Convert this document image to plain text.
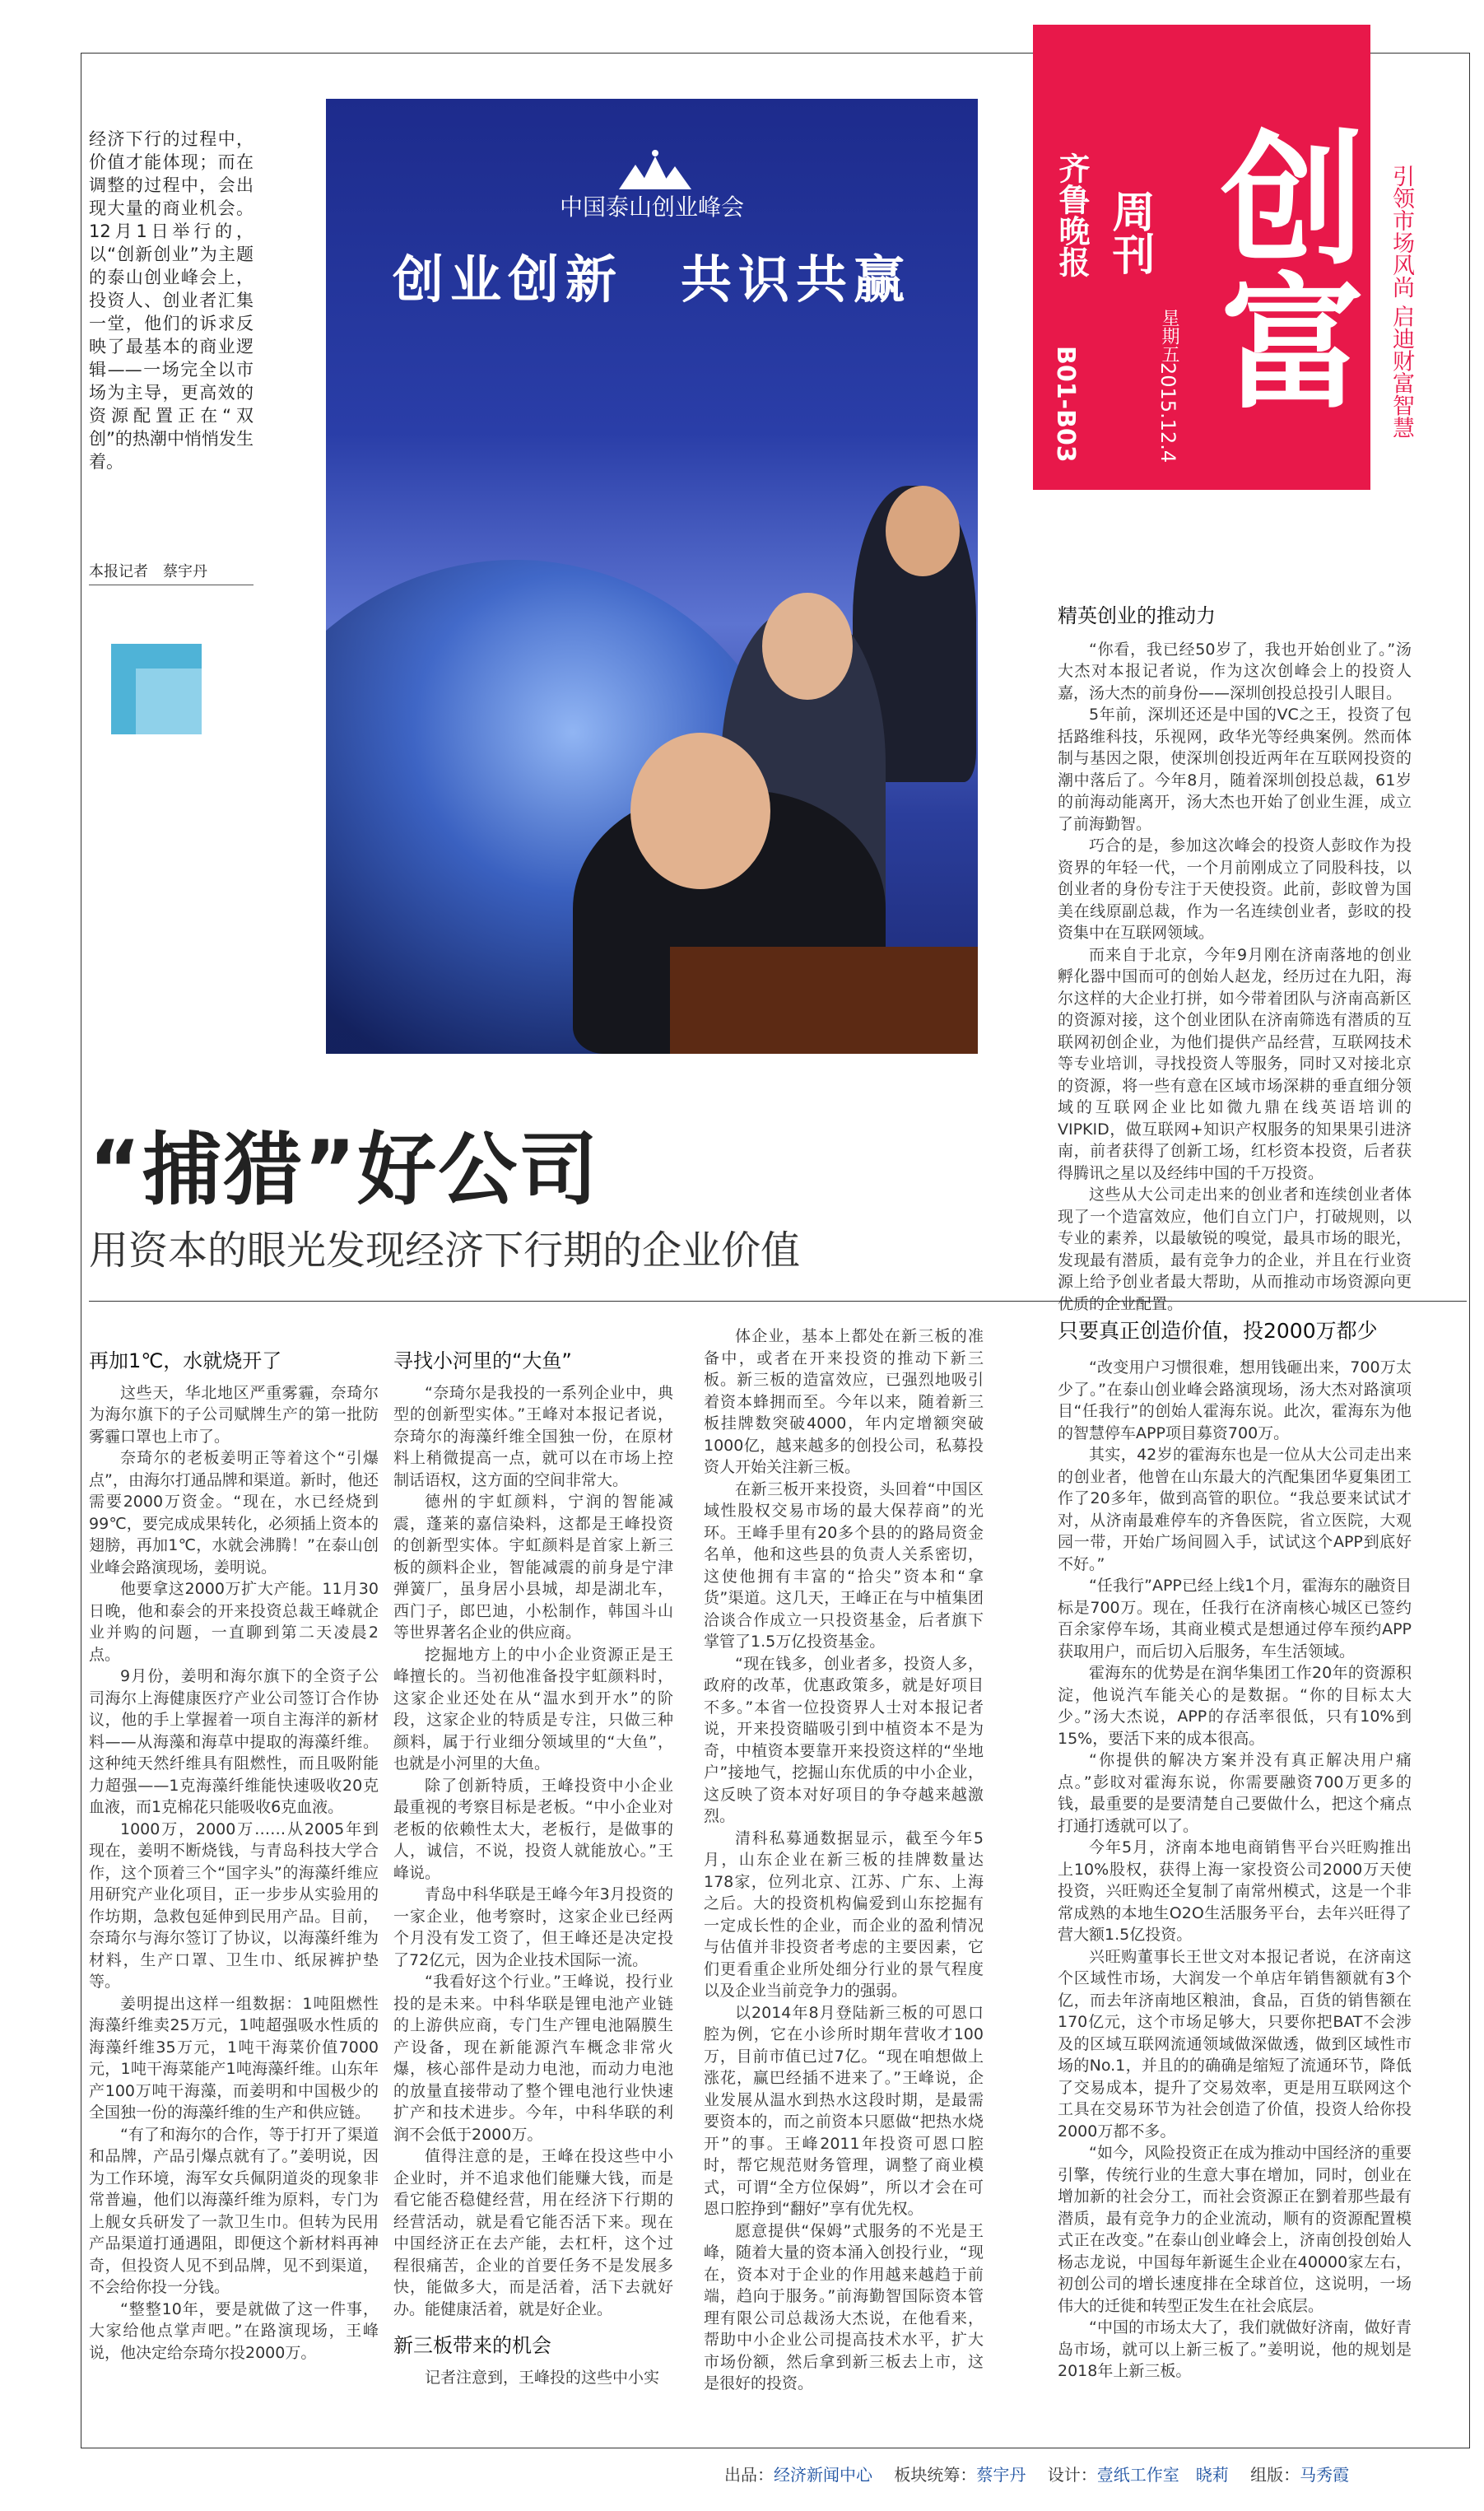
经济下行的过程中，价值才能体现；而在调整的过程中，会出现大量的商业机会。12月1日举行的，以“创新创业”为主题的泰山创业峰会上，投资人、创业者汇集一堂，他们的诉求反映了最基本的商业逻辑——一场完全以市场为主导，更高效的资源配置正在“双创”的热潮中悄悄发生着。
本报记者　蔡宇丹
中国泰山创业峰会
创业创新　共识共赢
齐鲁晚报 周刊
星期五
2015.12.4
B01-B03 创富	引领市场风尚 启迪财富智慧
“捕猎”好公司
用资本的眼光发现经济下行期的企业价值
精英创业的推动力

“你看，我已经50岁了，我也开始创业了。”汤大杰对本报记者说，作为这次创峰会上的投资人嘉，汤大杰的前身份——深圳创投总投引人眼目。

5年前，深圳还还是中国的VC之王，投资了包括路维科技，乐视网，政华光等经典案例。然而体制与基因之限，使深圳创投近两年在互联网投资的潮中落后了。今年8月，随着深圳创投总裁，61岁的前海动能离开，汤大杰也开始了创业生涯，成立了前海勤智。

巧合的是，参加这次峰会的投资人彭旼作为投资界的年轻一代，一个月前刚成立了同股科技，以创业者的身份专注于天使投资。此前，彭旼曾为国美在线原副总裁，作为一名连续创业者，彭旼的投资集中在互联网领域。

而来自于北京，今年9月刚在济南落地的创业孵化器中国而可的创始人赵龙，经历过在九阳，海尔这样的大企业打拼，如今带着团队与济南高新区的资源对接，这个创业团队在济南筛选有潜质的互联网初创企业，为他们提供产品经营，互联网技术等专业培训，寻找投资人等服务，同时又对接北京的资源，将一些有意在区域市场深耕的垂直细分领域的互联网企业比如微九鼎在线英语培训的VIPKID，做互联网+知识产权服务的知果果引进济南，前者获得了创新工场，红杉资本投资，后者获得腾讯之星以及经纬中国的千万投资。

这些从大公司走出来的创业者和连续创业者体现了一个造富效应，他们自立门户，打破规则，以专业的素养，以最敏锐的嗅觉，最具市场的眼光，发现最有潜质，最有竞争力的企业，并且在行业资源上给予创业者最大帮助，从而推动市场资源向更优质的企业配置。

再加1℃，水就烧开了

这些天，华北地区严重雾霾，奈琦尔为海尔旗下的子公司赋牌生产的第一批防雾霾口罩也上市了。

奈琦尔的老板姜明正等着这个“引爆点”，由海尔打通品牌和渠道。新时，他还需要2000万资金。“现在，水已经烧到99℃，要完成成果转化，必须插上资本的翅膀，再加1℃，水就会沸腾！”在泰山创业峰会路演现场，姜明说。

他要拿这2000万扩大产能。11月30日晚，他和泰会的开来投资总裁王峰就企业并购的问题，一直聊到第二天凌晨2点。

9月份，姜明和海尔旗下的全资子公司海尔上海健康医疗产业公司签订合作协议，他的手上掌握着一项自主海洋的新材料——从海藻和海草中提取的海藻纤维。这种纯天然纤维具有阻燃性，而且吸附能力超强——1克海藻纤维能快速吸收20克血液，而1克棉花只能吸收6克血液。

1000万，2000万……从2005年到现在，姜明不断烧钱，与青岛科技大学合作，这个顶着三个“国字头”的海藻纤维应用研究产业化项目，正一步步从实验用的作坊期，急救包延伸到民用产品。目前，奈琦尔与海尔签订了协议，以海藻纤维为材料，生产口罩、卫生巾、纸尿裤护垫等。

姜明提出这样一组数据：1吨阻燃性海藻纤维卖25万元，1吨超强吸水性质的海藻纤维35万元，1吨干海菜价值7000元，1吨干海菜能产1吨海藻纤维。山东年产100万吨干海藻，而姜明和中国极少的全国独一份的海藻纤维的生产和供应链。

“有了和海尔的合作，等于打开了渠道和品牌，产品引爆点就有了。”姜明说，因为工作环境，海军女兵佩阴道炎的现象非常普遍，他们以海藻纤维为原料，专门为上舰女兵研发了一款卫生巾。但转为民用产品渠道打通遇阻，即便这个新材料再神奇，但投资人见不到品牌，见不到渠道，不会给你投一分钱。

“整整10年，要是就做了这一件事，大家给他点掌声吧。”在路演现场，王峰说，他决定给奈琦尔投2000万。

寻找小河里的“大鱼”

“奈琦尔是我投的一系列企业中，典型的创新型实体。”王峰对本报记者说，奈琦尔的海藻纤维全国独一份，在原材料上稍微提高一点，就可以在市场上控制话语权，这方面的空间非常大。

德州的宇虹颜料，宁润的智能减震，蓬莱的嘉信染料，这都是王峰投资的创新型实体。宇虹颜料是首家上新三板的颜料企业，智能减震的前身是宁津弹簧厂，虽身居小县城，却是湖北车，西门子，郎巴迪，小松制作，韩国斗山等世界著名企业的供应商。

挖掘地方上的中小企业资源正是王峰擅长的。当初他准备投宇虹颜料时，这家企业还处在从“温水到开水”的阶段，这家企业的特质是专注，只做三种颜料，属于行业细分领域里的“大鱼”，也就是小河里的大鱼。

除了创新特质，王峰投资中小企业最重视的考察目标是老板。“中小企业对老板的依赖性太大，老板行，是做事的人，诚信，不说，投资人就能放心。”王峰说。

青岛中科华联是王峰今年3月投资的一家企业，他考察时，这家企业已经两个月没有发工资了，但王峰还是决定投了72亿元，因为企业技术国际一流。

“我看好这个行业。”王峰说，投行业投的是未来。中科华联是锂电池产业链的上游供应商，专门生产锂电池隔膜生产设备，现在新能源汽车概念非常火爆，核心部件是动力电池，而动力电池的放量直接带动了整个锂电池行业快速扩产和技术进步。今年，中科华联的利润不会低于2000万。

值得注意的是，王峰在投这些中小企业时，并不追求他们能赚大钱，而是看它能否稳健经营，用在经济下行期的经营活动，就是看它能否活下来。现在中国经济正在去产能，去杠杆，这个过程很痛苦，企业的首要任务不是发展多快，能做多大，而是活着，活下去就好办。能健康活着，就是好企业。

新三板带来的机会

记者注意到，王峰投的这些中小实

体企业，基本上都处在新三板的准备中，或者在开来投资的推动下新三板。新三板的造富效应，已强烈地吸引着资本蜂拥而至。今年以来，随着新三板挂牌数突破4000，年内定增额突破1000亿，越来越多的创投公司，私募投资人开始关注新三板。

在新三板开来投资，头回着“中国区域性股权交易市场的最大保荐商”的光环。王峰手里有20多个县的的路局资金名单，他和这些县的负责人关系密切，这使他拥有丰富的“拾尖”资本和“拿货”渠道。这几天，王峰正在与中植集团洽谈合作成立一只投资基金，后者旗下掌管了1.5万亿投资基金。

“现在钱多，创业者多，投资人多，政府的改革，优惠政策多，就是好项目不多。”本省一位投资界人士对本报记者说，开来投资瞄吸引到中植资本不是为奇，中植资本要靠开来投资这样的“坐地户”接地气，挖掘山东优质的中小企业，这反映了资本对好项目的争夺越来越激烈。

清科私募通数据显示，截至今年5月，山东企业在新三板的挂牌数量达178家，位列北京、江苏、广东、上海之后。大的投资机构偏爱到山东挖掘有一定成长性的企业，而企业的盈利情况与估值并非投资者考虑的主要因素，它们更看重企业所处细分行业的景气程度以及企业当前竞争力的强弱。

以2014年8月登陆新三板的可恩口腔为例，它在小诊所时期年营收才100万，目前市值已过7亿。“现在咱想做上涨花，赢巴经插不进来了。”王峰说，企业发展从温水到热水这段时期，是最需要资本的，而之前资本只愿做“把热水烧开”的事。王峰2011年投资可恩口腔时，帮它规范财务管理，调整了商业模式，可谓“全方位保姆”，所以才会在可恩口腔挣到“翻好”享有优先权。

愿意提供“保姆”式服务的不光是王峰，随着大量的资本涌入创投行业，“现在，资本对于企业的作用越来越趋于前端，趋向于服务。”前海勤智国际资本管理有限公司总裁汤大杰说，在他看来，帮助中小企业公司提高技术水平，扩大市场份额，然后拿到新三板去上市，这是很好的投资。

只要真正创造价值，投2000万都少

“改变用户习惯很难，想用钱砸出来，700万太少了。”在泰山创业峰会路演现场，汤大杰对路演项目“任我行”的创始人霍海东说。此次，霍海东为他的智慧停车APP项目募资700万。

其实，42岁的霍海东也是一位从大公司走出来的创业者，他曾在山东最大的汽配集团华夏集团工作了20多年，做到高管的职位。“我总要来试试才对，从济南最难停车的齐鲁医院，省立医院，大观园一带，开始广场间圆入手，试试这个APP到底好不好。”

“任我行”APP已经上线1个月，霍海东的融资目标是700万。现在，任我行在济南核心城区已签约百余家停车场，其商业模式是想通过停车预约APP获取用户，而后切入后服务，车生活领域。

霍海东的优势是在润华集团工作20年的资源积淀，他说汽车能关心的是数据。“你的目标太大少。”汤大杰说，APP的存活率很低，只有10%到15%，要活下来的成本很高。

“你提供的解决方案并没有真正解决用户痛点。”彭旼对霍海东说，你需要融资700万更多的钱，最重要的是要清楚自己要做什么，把这个痛点打通打透就可以了。

今年5月，济南本地电商销售平台兴旺购推出上10%股权，获得上海一家投资公司2000万天使投资，兴旺购还全复制了南常州模式，这是一个非常成熟的本地生O2O生活服务平台，去年兴旺得了营大额1.5亿投资。

兴旺购董事长王世文对本报记者说，在济南这个区域性市场，大润发一个单店年销售额就有3个亿，而去年济南地区粮油，食品，百货的销售额在170亿元，这个市场足够大，只要你把BAT不会涉及的区域互联网流通领域做深做透，做到区域性市场的No.1，并且的的确确是缩短了流通环节，降低了交易成本，提升了交易效率，更是用互联网这个工具在交易环节为社会创造了价值，投资人给你投2000万都不多。

“如今，风险投资正在成为推动中国经济的重要引擎，传统行业的生意大事在增加，同时，创业在增加新的社会分工，而社会资源正在劉着那些最有潜质，最有竞争力的企业流动，顺有的资源配置模式正在改变。”在泰山创业峰会上，济南创投创始人杨志龙说，中国每年新诞生企业在40000家左右，初创公司的增长速度排在全球首位，这说明，一场伟大的迁徙和转型正发生在社会底层。

“中国的市场太大了，我们就做好济南，做好青岛市场，就可以上新三板了。”姜明说，他的规划是2018年上新三板。

出品：经济新闻中心　 板块统筹：蔡宇丹　 设计：壹纸工作室　晓莉　 组版：马秀霞
